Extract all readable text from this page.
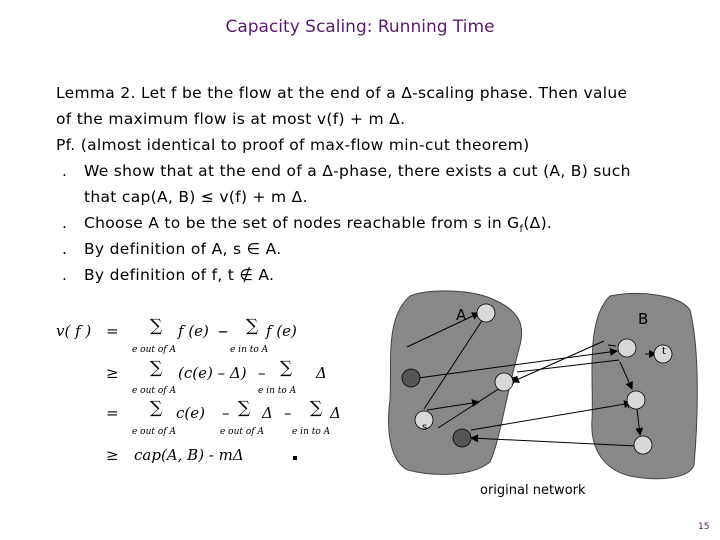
Capacity Scaling: Running Time
Lemma 2. Let f be the flow at the end of a Δ-scaling phase. Then value
of the maximum flow is at most v(f) + m Δ.
Pf. (almost identical to proof of max-flow min-cut theorem)
. We show that at the end of a Δ-phase, there exists a cut (A, B) such
that cap(A, B) ≤ v(f) + m Δ.
. Choose A to be the set of nodes reachable from s in $G_f(\Delta)$.
. By definition of A, s ∈ A.
. By definition of f, t ∉ A.
v( f ) = ∑ f (e) – ∑ f (e)
e out of A	e in to A
≥ ∑ (c(e) – Δ) – ∑ Δ
e out of A	e in to A
= ∑ c(e) – ∑ Δ – ∑ Δ
e out of A	e out of A	e in to A
≥ cap(A, B) - mΔ
A	B
t
s
original network
15
